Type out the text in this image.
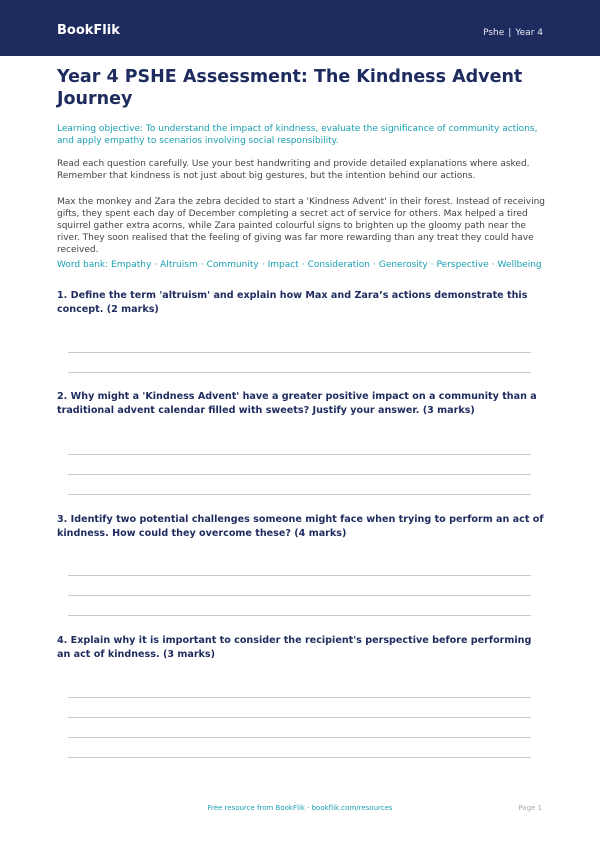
BookFlik	Pshe | Year 4
Year 4 PSHE Assessment: The Kindness Advent Journey

Learning objective: To understand the impact of kindness, evaluate the significance of community actions, and apply empathy to scenarios involving social responsibility.

Read each question carefully. Use your best handwriting and provide detailed explanations where asked. Remember that kindness is not just about big gestures, but the intention behind our actions.

Max the monkey and Zara the zebra decided to start a 'Kindness Advent' in their forest. Instead of receiving gifts, they spent each day of December completing a secret act of service for others. Max helped a tired squirrel gather extra acorns, while Zara painted colourful signs to brighten up the gloomy path near the river. They soon realised that the feeling of giving was far more rewarding than any treat they could have received.

Word bank: Empathy · Altruism · Community · Impact · Consideration · Generosity · Perspective · Wellbeing

1. Define the term 'altruism' and explain how Max and Zara’s actions demonstrate this concept. (2 marks)

2. Why might a 'Kindness Advent' have a greater positive impact on a community than a traditional advent calendar filled with sweets? Justify your answer. (3 marks)

3. Identify two potential challenges someone might face when trying to perform an act of kindness. How could they overcome these? (4 marks)

4. Explain why it is important to consider the recipient's perspective before performing an act of kindness. (3 marks)

Free resource from BookFlik · bookflik.com/resources	Page 1
